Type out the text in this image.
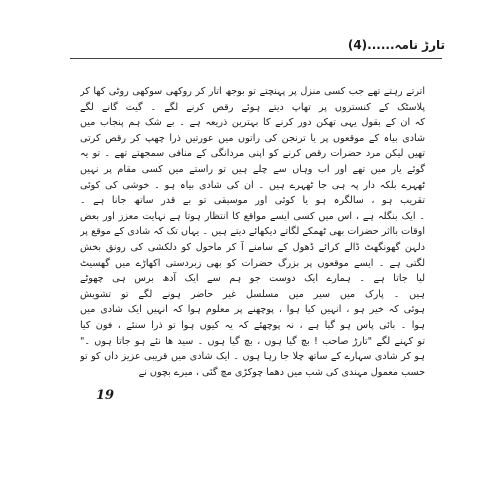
تارڑ نامہ......(4)
اترتے رہتے تھے جب کسی منزل پر پہنچتے تو بوجھ اتار کر روکھی سوکھی روٹی کھا کر
پلاسٹک کے کنستروں پر تھاپ دیتے ہوئے رقص کرنے لگے ۔ گیت گانے لگے
کہ ان کے بقول یہی تھکن دور کرنے کا بہترین ذریعہ ہے ۔ بے شک ہم پنجاب میں
شادی بیاہ کے موقعوں پر یا ترنجن کی راتوں میں عورتیں ذرا چھپ کر رقص کرتی
تھیں لیکن مرد حضرات رقص کرنے کو اپنی مردانگی کے منافی سمجھتے تھے ۔ تو یہ
گوئے یار میں تھے اور اب وہاں سے چلے ہیں تو راستے میں کسی مقام پر نہیں
ٹھہرے بلکہ دار پہ ہی جا ٹھہرے ہیں ۔ ان کی شادی بیاہ ہو ۔ خوشی کی کوئی
تقریب ہو ، سالگرہ ہو یا کوئی اور موسیقی تو بے قدر ساتھ جانا ہے ۔
۔ ایک بنگلہ ہے ، اس میں کسی ایسے مواقع کا انتظار ہوتا ہے نہایت معزز اور بعض
اوقات بااثر حضرات بھی ٹھمکے لگاتے دیکھائے دیتے ہیں ۔ یہاں تک کہ شادی کے موقع پر
دلہن گھونگھٹ ڈالے کرائے ڈھول کے سامنے آ کر ماحول کو دلکشی کی رونق بخش
لگتی ہے ۔ ایسے موقعوں پر بزرگ حضرات کو بھی زبردستی اکھاڑے میں گھسیٹ
لیا جاتا ہے ۔ ہمارے ایک دوست جو ہم سے ایک آدھ برس ہی چھوٹے
ہیں ۔ پارک میں سیر میں مسلسل غیر حاضر ہونے لگے تو تشویش
ہوئی کہ خیر ہو ، انہیں کیا ہوا ، پوچھنے پر معلوم ہوا کہ انہیں ایک شادی میں
ہوا ۔ بائی پاس ہو گیا ہے ، نہ پوچھئے کہ یہ کیوں ہوا تو ذرا سنئے ، فون کیا
تو کہنے لگے "تارڑ صاحب ! بچ گیا ہوں ، بچ گیا ہوں ۔ سید ھا نئے ہو جاتا ہوں ۔"
ہو کر شادی سہارے کے ساتھ چلا جا رہا ہوں ۔ ایک شادی میں قریبی عزیز داں کو تو
حسب معمول مہندی کی شب میں دھما چوکڑی مچ گئی ، میرے بچوں نے
19
